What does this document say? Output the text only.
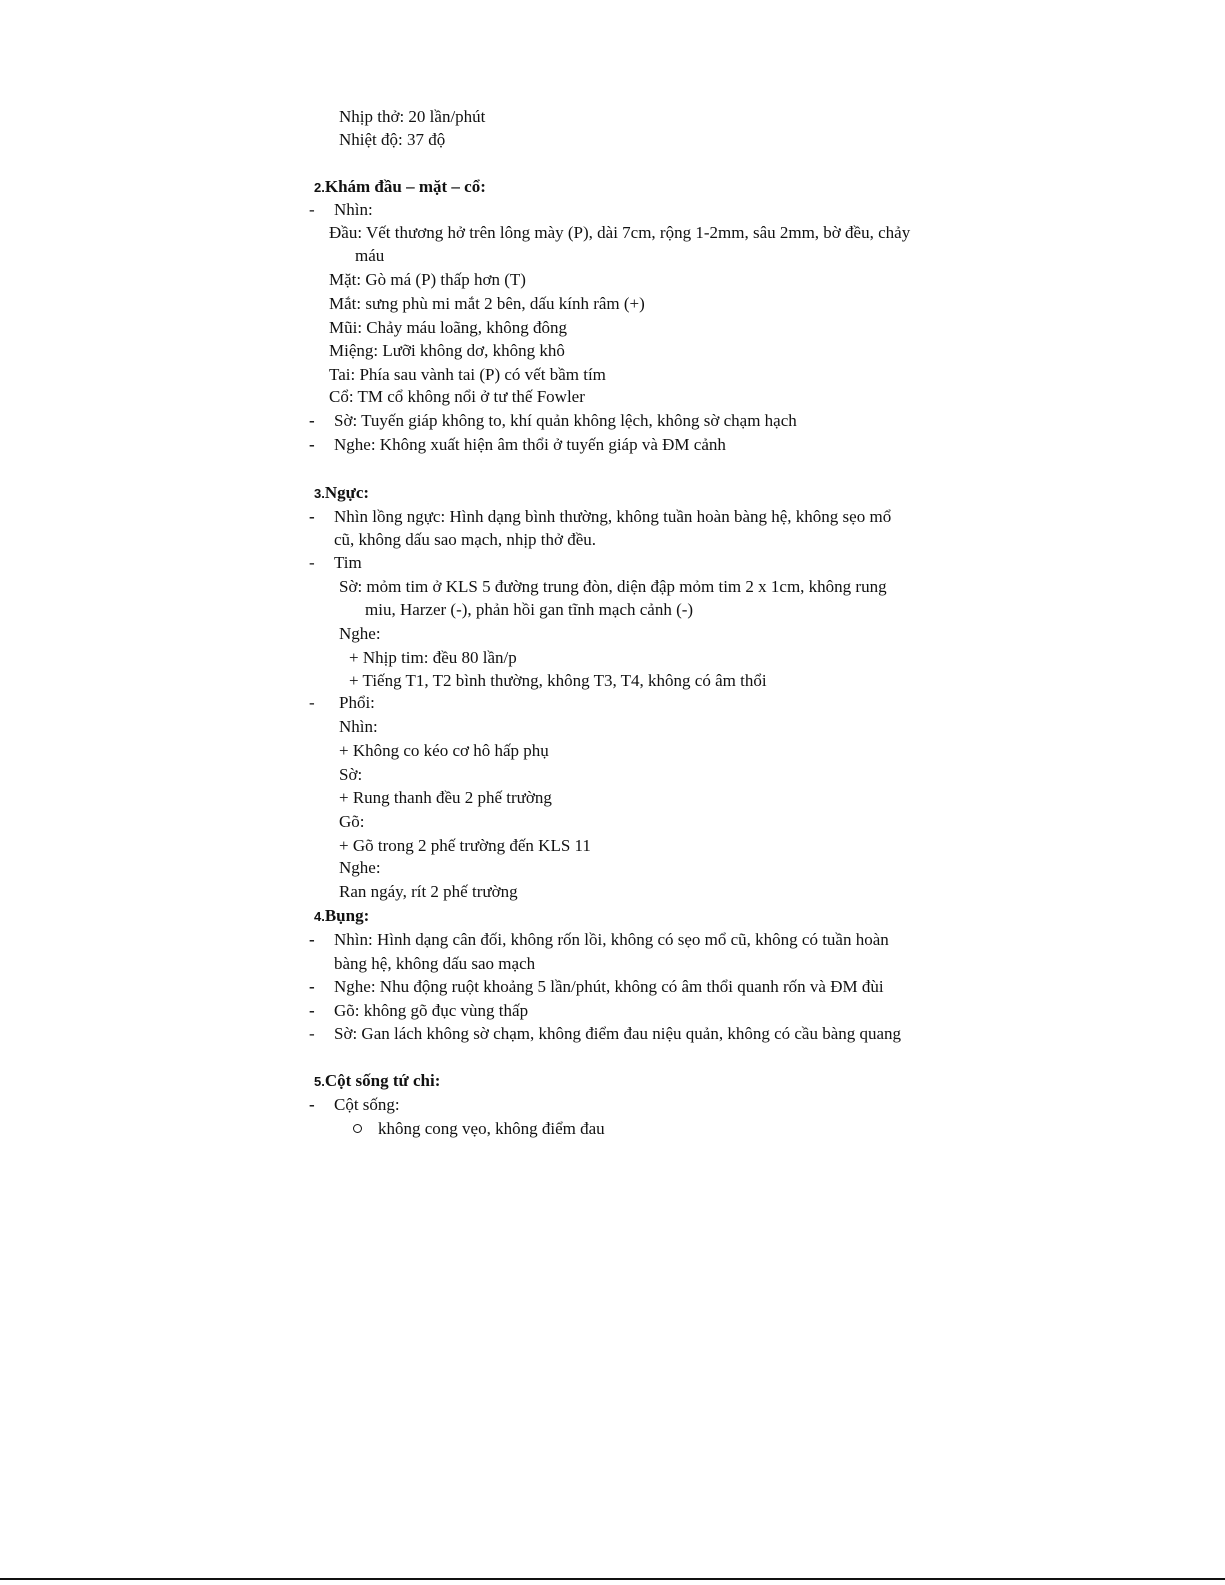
Nhịp thở: 20 lần/phút
Nhiệt độ: 37 độ
2.Khám đầu – mặt – cổ:
- Nhìn:
Đầu: Vết thương hở trên lông mày (P), dài 7cm, rộng 1-2mm, sâu 2mm, bờ đều, chảy
máu
Mặt: Gò má (P) thấp hơn (T)
Mắt: sưng phù mi mắt 2 bên, dấu kính râm (+)
Mũi: Chảy máu loãng, không đông
Miệng: Lưỡi không dơ, không khô
Tai: Phía sau vành tai (P) có vết bầm tím
Cổ: TM cổ không nổi ở tư thế Fowler
- Sờ: Tuyến giáp không to, khí quản không lệch, không sờ chạm hạch
- Nghe: Không xuất hiện âm thổi ở tuyến giáp và ĐM cảnh
3.Ngực:
- Nhìn lồng ngực: Hình dạng bình thường, không tuần hoàn bàng hệ, không sẹo mổ
cũ, không dấu sao mạch, nhịp thở đều.
- Tim
Sờ: mỏm tim ở KLS 5 đường trung đòn, diện đập mỏm tim 2 x 1cm, không rung
miu, Harzer (-), phản hồi gan tĩnh mạch cảnh (-)
Nghe:
+ Nhịp tim: đều 80 lần/p
+ Tiếng T1, T2 bình thường, không T3, T4, không có âm thổi
- Phổi:
Nhìn:
+ Không co kéo cơ hô hấp phụ
Sờ:
+ Rung thanh đều 2 phế trường
Gõ:
+ Gõ trong 2 phế trường đến KLS 11
Nghe:
Ran ngáy, rít 2 phế trường
4.Bụng:
- Nhìn: Hình dạng cân đối, không rốn lồi, không có sẹo mổ cũ, không có tuần hoàn
bàng hệ, không dấu sao mạch
- Nghe: Nhu động ruột khoảng 5 lần/phút, không có âm thổi quanh rốn và ĐM đùi
- Gõ: không gõ đục vùng thấp
- Sờ: Gan lách không sờ chạm, không điểm đau niệu quản, không có cầu bàng quang
5.Cột sống tứ chi:
- Cột sống:
không cong vẹo, không điểm đau
